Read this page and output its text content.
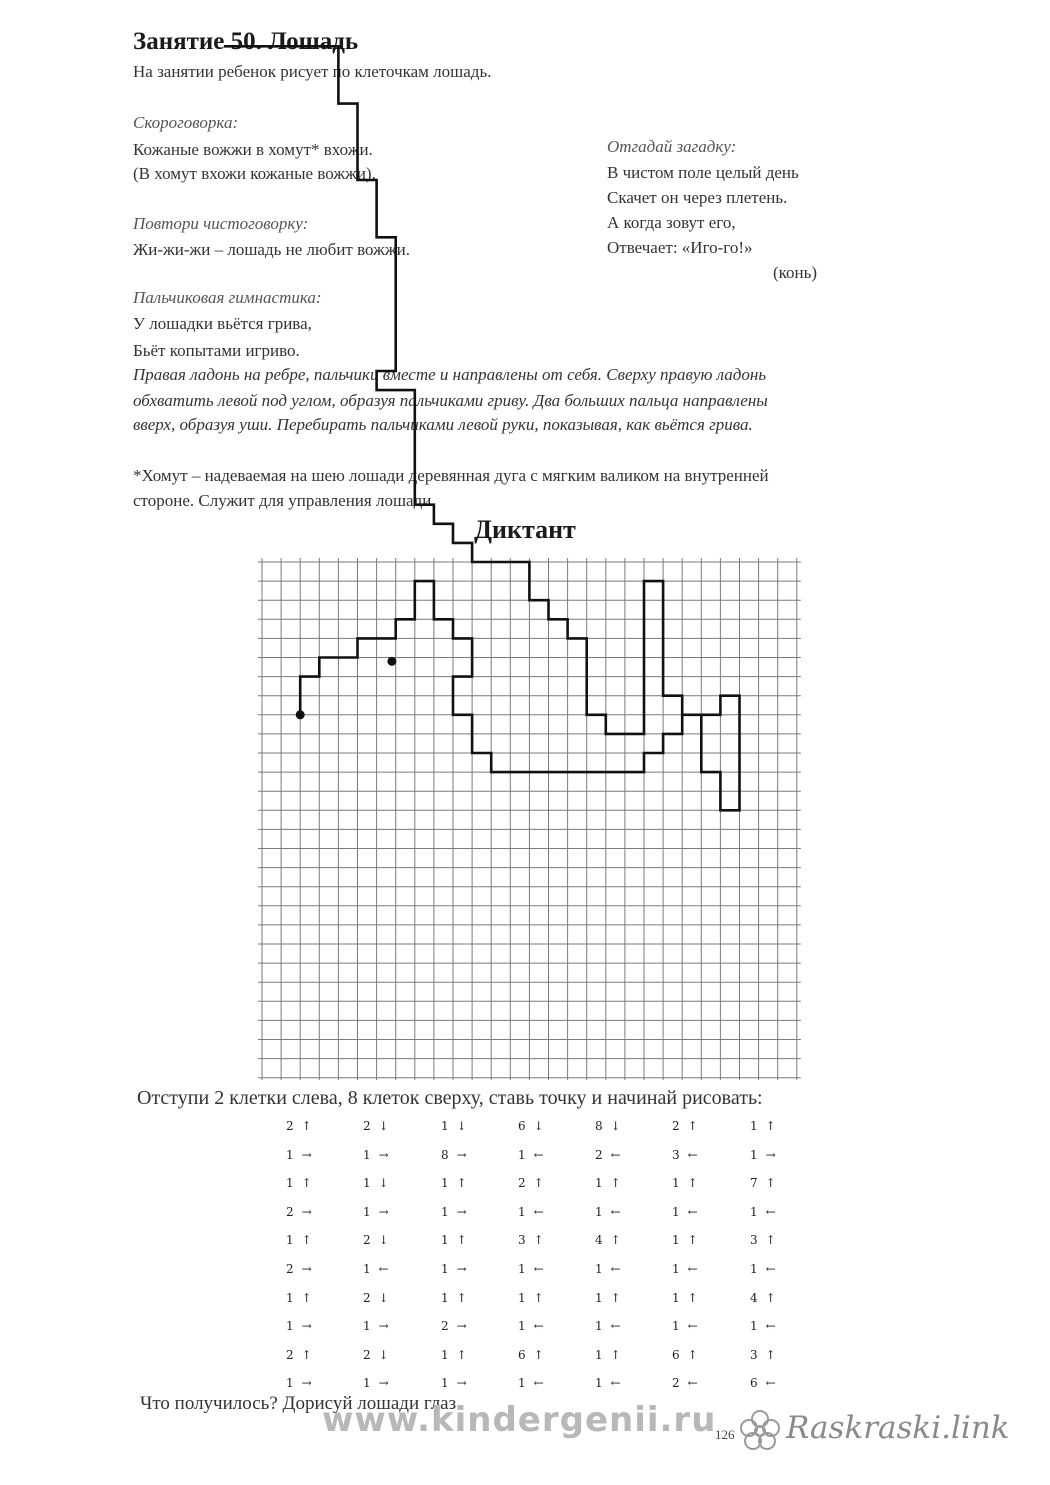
Занятие 50. Лошадь
На занятии ребенок рисует по клеточкам лошадь.
Скороговорка:
Кожаные вожжи в хомут* вхожи.
(В хомут вхожи кожаные вожжи).
Повтори чистоговорку:
Жи-жи-жи – лошадь не любит вожжи.
Отгадай загадку:
В чистом поле целый день
Скачет он через плетень.
А когда зовут его,
Отвечает: «Иго-го!»
(конь)
Пальчиковая гимнастика:
У лошадки вьётся грива,
Бьёт копытами игриво.
Правая ладонь на ребре, пальчики вместе и направлены от себя. Сверху правую ладонь
обхватить левой под углом, образуя пальчиками гриву. Два больших пальца направлены
вверх, образуя уши. Перебирать пальчиками левой руки, показывая, как вьётся грива.
*Хомут – надеваемая на шею лошади деревянная дуга с мягким валиком на внутренней
стороне. Служит для управления лошади.
Диктант
Отступи 2 клетки слева, 8 клеток сверху, ставь точку и начинай рисовать:
2 ↑
1 →
1 ↑
2 →
1 ↑
2 →
1 ↑
1 →
2 ↑
1 →
2 ↓
1 →
1 ↓
1 →
2 ↓
1 ←
2 ↓
1 →
2 ↓
1 →
1 ↓
8 →
1 ↑
1 →
1 ↑
1 →
1 ↑
2 →
1 ↑
1 →
6 ↓
1 ←
2 ↑
1 ←
3 ↑
1 ←
1 ↑
1 ←
6 ↑
1 ←
8 ↓
2 ←
1 ↑
1 ←
4 ↑
1 ←
1 ↑
1 ←
1 ↑
1 ←
2 ↑
3 ←
1 ↑
1 ←
1 ↑
1 ←
1 ↑
1 ←
6 ↑
2 ←
1 ↑
1 →
7 ↑
1 ←
3 ↑
1 ←
4 ↑
1 ←
3 ↑
6 ←
Что получилось? Дорисуй лошади глаз.
www.kindergenii.ru
126 Raskraski.link
